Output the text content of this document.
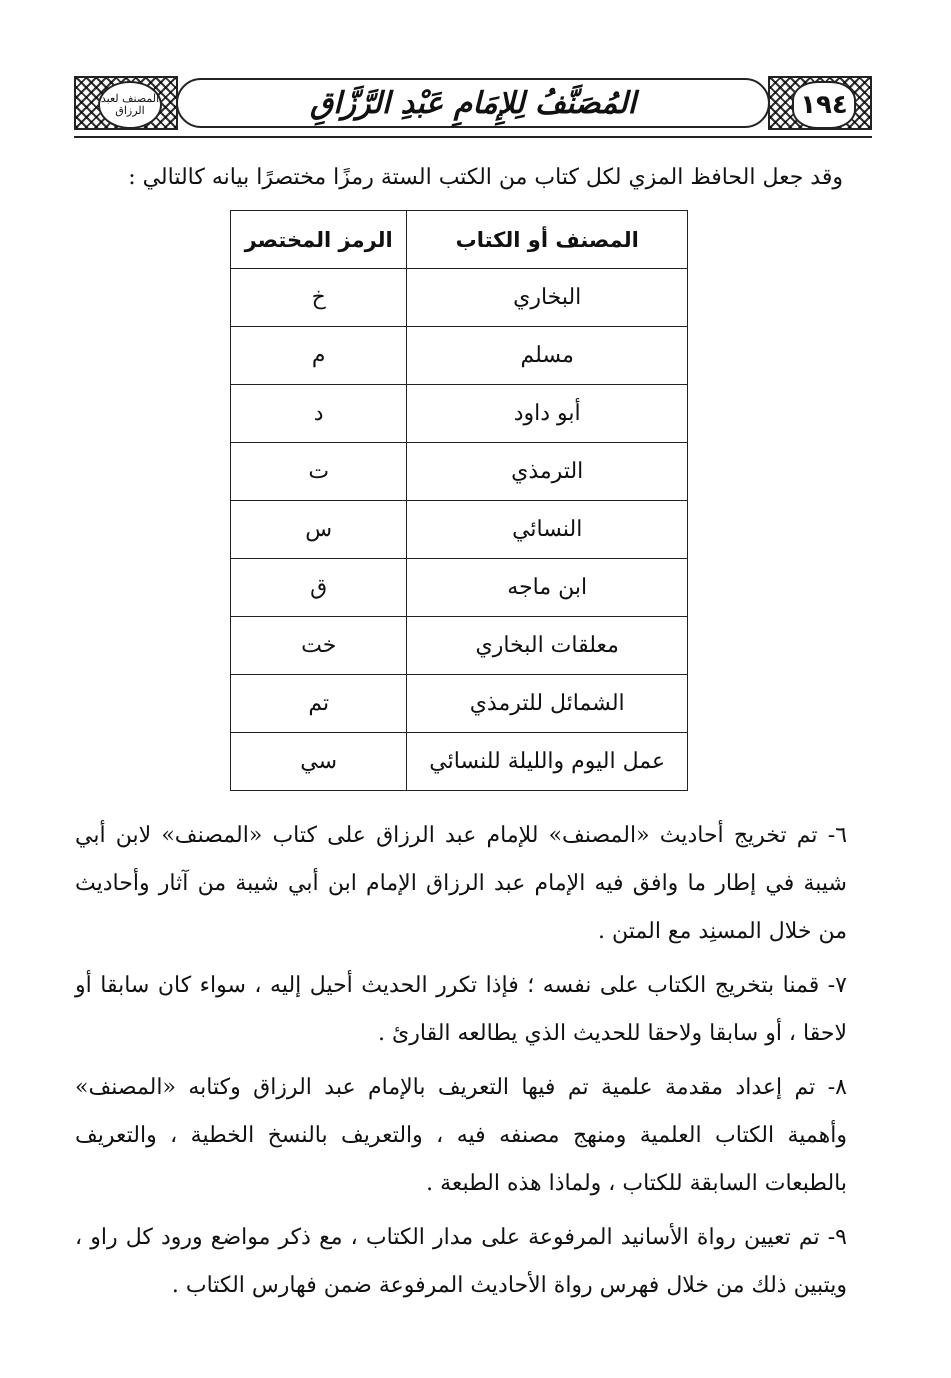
المصنف لعبد الرزاق	المُصَنَّفُ لِلإِمَامِ عَبْدِ الرَّزَّاقِ	١٩٤
وقد جعل الحافظ المزي لكل كتاب من الكتب الستة رمزًا مختصرًا بيانه كالتالي :
المصنف أو الكتاب	الرمز المختصر
البخاري	خ
مسلم	م
أبو داود	د
الترمذي	ت
النسائي	س
ابن ماجه	ق
معلقات البخاري	خت
الشمائل للترمذي	تم
عمل اليوم والليلة للنسائي	سي
٦- تم تخريج أحاديث «المصنف» للإمام عبد الرزاق على كتاب «المصنف» لابن أبي شيبة في إطار ما وافق فيه الإمام عبد الرزاق الإمام ابن أبي شيبة من آثار وأحاديث من خلال المسنِد مع المتن .
٧- قمنا بتخريج الكتاب على نفسه ؛ فإذا تكرر الحديث أحيل إليه ، سواء كان سابقا أو لاحقا ، أو سابقا ولاحقا للحديث الذي يطالعه القارئ .
٨- تم إعداد مقدمة علمية تم فيها التعريف بالإمام عبد الرزاق وكتابه «المصنف» وأهمية الكتاب العلمية ومنهج مصنفه فيه ، والتعريف بالنسخ الخطية ، والتعريف بالطبعات السابقة للكتاب ، ولماذا هذه الطبعة .
٩- تم تعيين رواة الأسانيد المرفوعة على مدار الكتاب ، مع ذكر مواضع ورود كل راو ، ويتبين ذلك من خلال فهرس رواة الأحاديث المرفوعة ضمن فهارس الكتاب .
